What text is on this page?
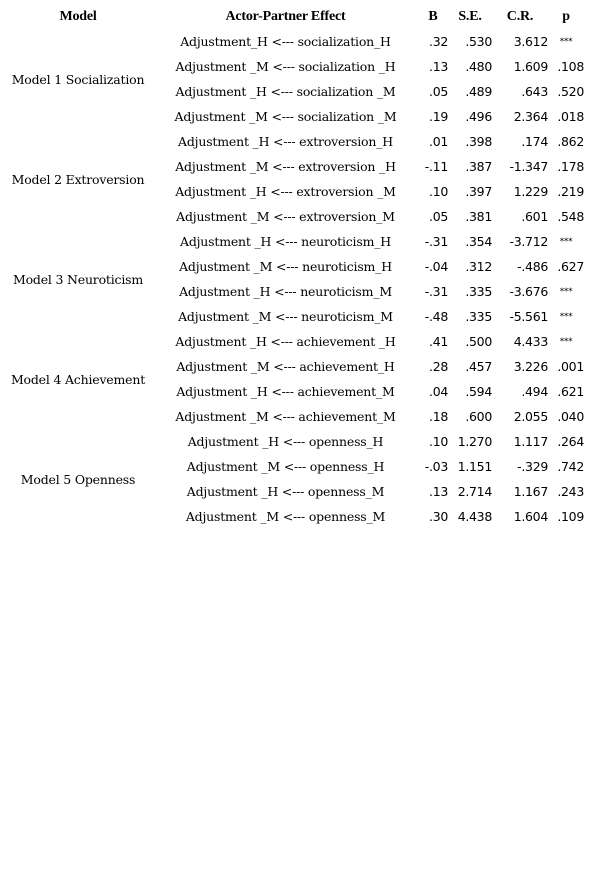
Model	Actor-Partner Effect	B	S.E.	C.R.	p
Model 1 Socialization	Adjustment_H <--- socialization_H	.32	.530	3.612	***
	Adjustment _M <--- socialization _H	.13	.480	1.609	.108
	Adjustment _H <--- socialization _M	.05	.489	.643	.520
	Adjustment _M <--- socialization _M	.19	.496	2.364	.018
Model 2 Extroversion	Adjustment _H <--- extroversion_H	.01	.398	.174	.862
	Adjustment _M <--- extroversion _H	-.11	.387	-1.347	.178
	Adjustment _H <--- extroversion _M	.10	.397	1.229	.219
	Adjustment _M <--- extroversion_M	.05	.381	.601	.548
Model 3 Neuroticism	Adjustment _H <--- neuroticism_H	-.31	.354	-3.712	***
	Adjustment _M <--- neuroticism_H	-.04	.312	-.486	.627
	Adjustment _H <--- neuroticism_M	-.31	.335	-3.676	***
	Adjustment _M <--- neuroticism_M	-.48	.335	-5.561	***
Model 4 Achievement	Adjustment _H <--- achievement _H	.41	.500	4.433	***
	Adjustment _M <--- achievement_H	.28	.457	3.226	.001
	Adjustment _H <--- achievement_M	.04	.594	.494	.621
	Adjustment _M <--- achievement_M	.18	.600	2.055	.040
Model 5 Openness	Adjustment _H <--- openness_H	.10	1.270	1.117	.264
	Adjustment _M <--- openness_H	-.03	1.151	-.329	.742
	Adjustment _H <--- openness_M	.13	2.714	1.167	.243
	Adjustment _M <--- openness_M	.30	4.438	1.604	.109
